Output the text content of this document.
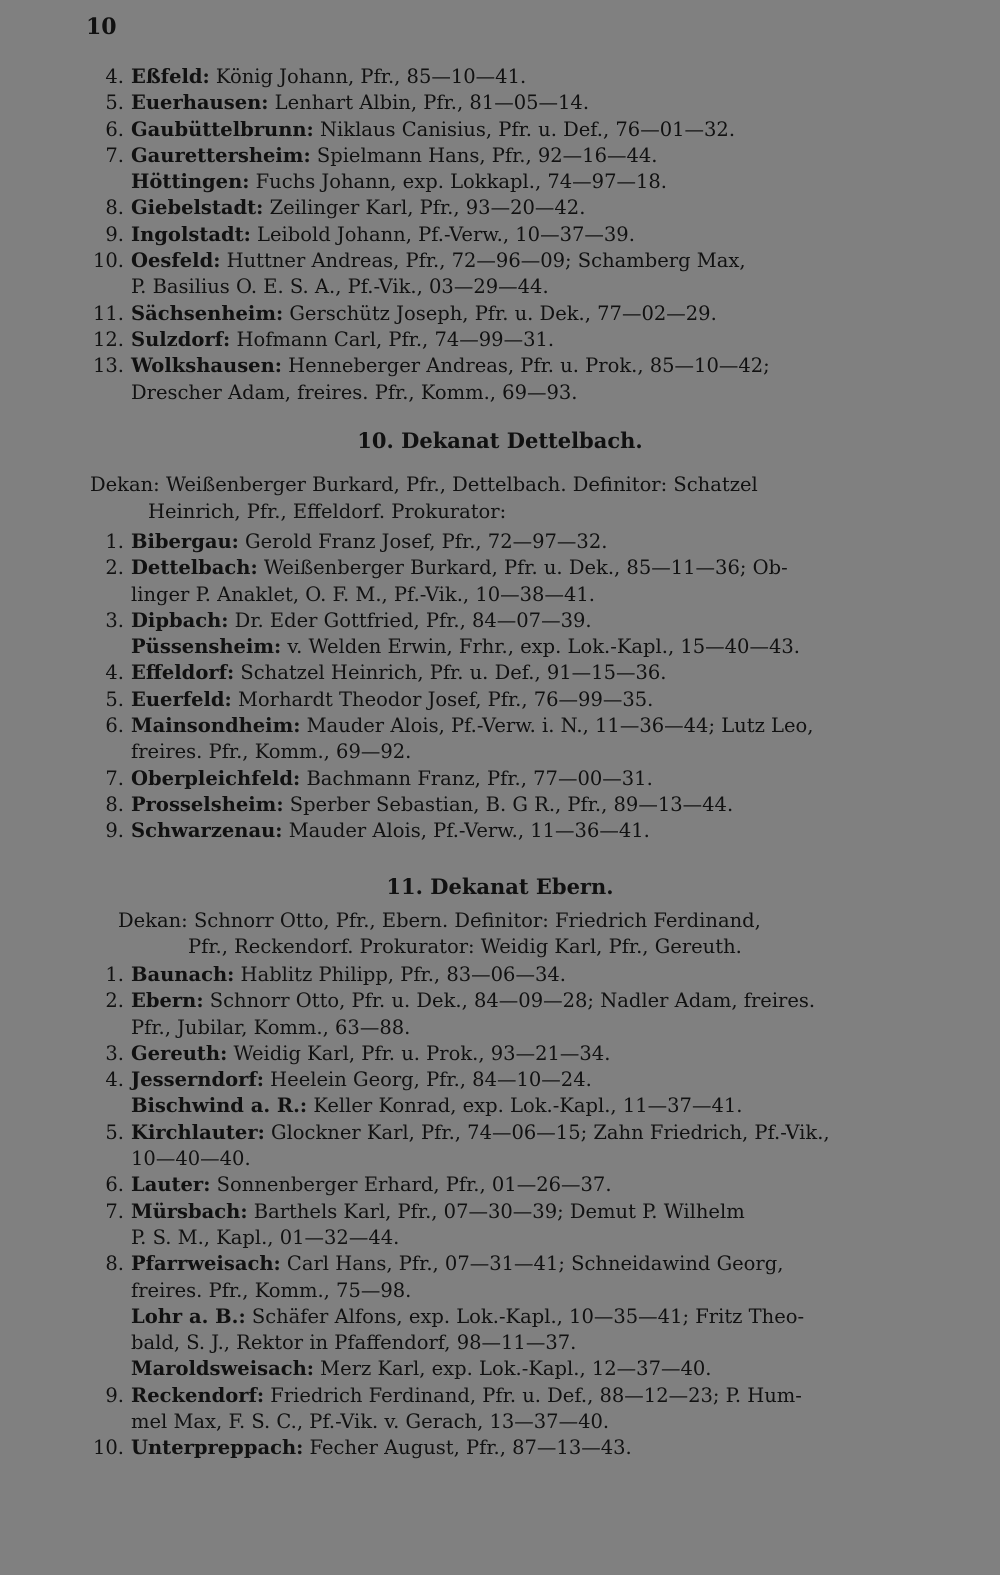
10
4. Eßfeld: König Johann, Pfr., 85—10—41.
5. Euerhausen: Lenhart Albin, Pfr., 81—05—14.
6. Gaubüttelbrunn: Niklaus Canisius, Pfr. u. Def., 76—01—32.
7. Gaurettersheim: Spielmann Hans, Pfr., 92—16—44.
Höttingen: Fuchs Johann, exp. Lokkapl., 74—97—18.
8. Giebelstadt: Zeilinger Karl, Pfr., 93—20—42.
9. Ingolstadt: Leibold Johann, Pf.-Verw., 10—37—39.
10. Oesfeld: Huttner Andreas, Pfr., 72—96—09; Schamberg Max,
P. Basilius O. E. S. A., Pf.-Vik., 03—29—44.
11. Sächsenheim: Gerschütz Joseph, Pfr. u. Dek., 77—02—29.
12. Sulzdorf: Hofmann Carl, Pfr., 74—99—31.
13. Wolkshausen: Henneberger Andreas, Pfr. u. Prok., 85—10—42;
Drescher Adam, freires. Pfr., Komm., 69—93.
10. Dekanat Dettelbach.
Dekan: Weißenberger Burkard, Pfr., Dettelbach. Definitor: Schatzel
Heinrich, Pfr., Effeldorf. Prokurator:
1. Bibergau: Gerold Franz Josef, Pfr., 72—97—32.
2. Dettelbach: Weißenberger Burkard, Pfr. u. Dek., 85—11—36; Ob-
linger P. Anaklet, O. F. M., Pf.-Vik., 10—38—41.
3. Dipbach: Dr. Eder Gottfried, Pfr., 84—07—39.
Püssensheim: v. Welden Erwin, Frhr., exp. Lok.-Kapl., 15—40—43.
4. Effeldorf: Schatzel Heinrich, Pfr. u. Def., 91—15—36.
5. Euerfeld: Morhardt Theodor Josef, Pfr., 76—99—35.
6. Mainsondheim: Mauder Alois, Pf.-Verw. i. N., 11—36—44; Lutz Leo,
freires. Pfr., Komm., 69—92.
7. Oberpleichfeld: Bachmann Franz, Pfr., 77—00—31.
8. Prosselsheim: Sperber Sebastian, B. G R., Pfr., 89—13—44.
9. Schwarzenau: Mauder Alois, Pf.-Verw., 11—36—41.
11. Dekanat Ebern.
Dekan: Schnorr Otto, Pfr., Ebern. Definitor: Friedrich Ferdinand,
Pfr., Reckendorf. Prokurator: Weidig Karl, Pfr., Gereuth.
1. Baunach: Hablitz Philipp, Pfr., 83—06—34.
2. Ebern: Schnorr Otto, Pfr. u. Dek., 84—09—28; Nadler Adam, freires.
Pfr., Jubilar, Komm., 63—88.
3. Gereuth: Weidig Karl, Pfr. u. Prok., 93—21—34.
4. Jesserndorf: Heelein Georg, Pfr., 84—10—24.
Bischwind a. R.: Keller Konrad, exp. Lok.-Kapl., 11—37—41.
5. Kirchlauter: Glockner Karl, Pfr., 74—06—15; Zahn Friedrich, Pf.-Vik.,
10—40—40.
6. Lauter: Sonnenberger Erhard, Pfr., 01—26—37.
7. Mürsbach: Barthels Karl, Pfr., 07—30—39; Demut P. Wilhelm
P. S. M., Kapl., 01—32—44.
8. Pfarrweisach: Carl Hans, Pfr., 07—31—41; Schneidawind Georg,
freires. Pfr., Komm., 75—98.
Lohr a. B.: Schäfer Alfons, exp. Lok.-Kapl., 10—35—41; Fritz Theo-
bald, S. J., Rektor in Pfaffendorf, 98—11—37.
Maroldsweisach: Merz Karl, exp. Lok.-Kapl., 12—37—40.
9. Reckendorf: Friedrich Ferdinand, Pfr. u. Def., 88—12—23; P. Hum-
mel Max, F. S. C., Pf.-Vik. v. Gerach, 13—37—40.
10. Unterpreppach: Fecher August, Pfr., 87—13—43.
